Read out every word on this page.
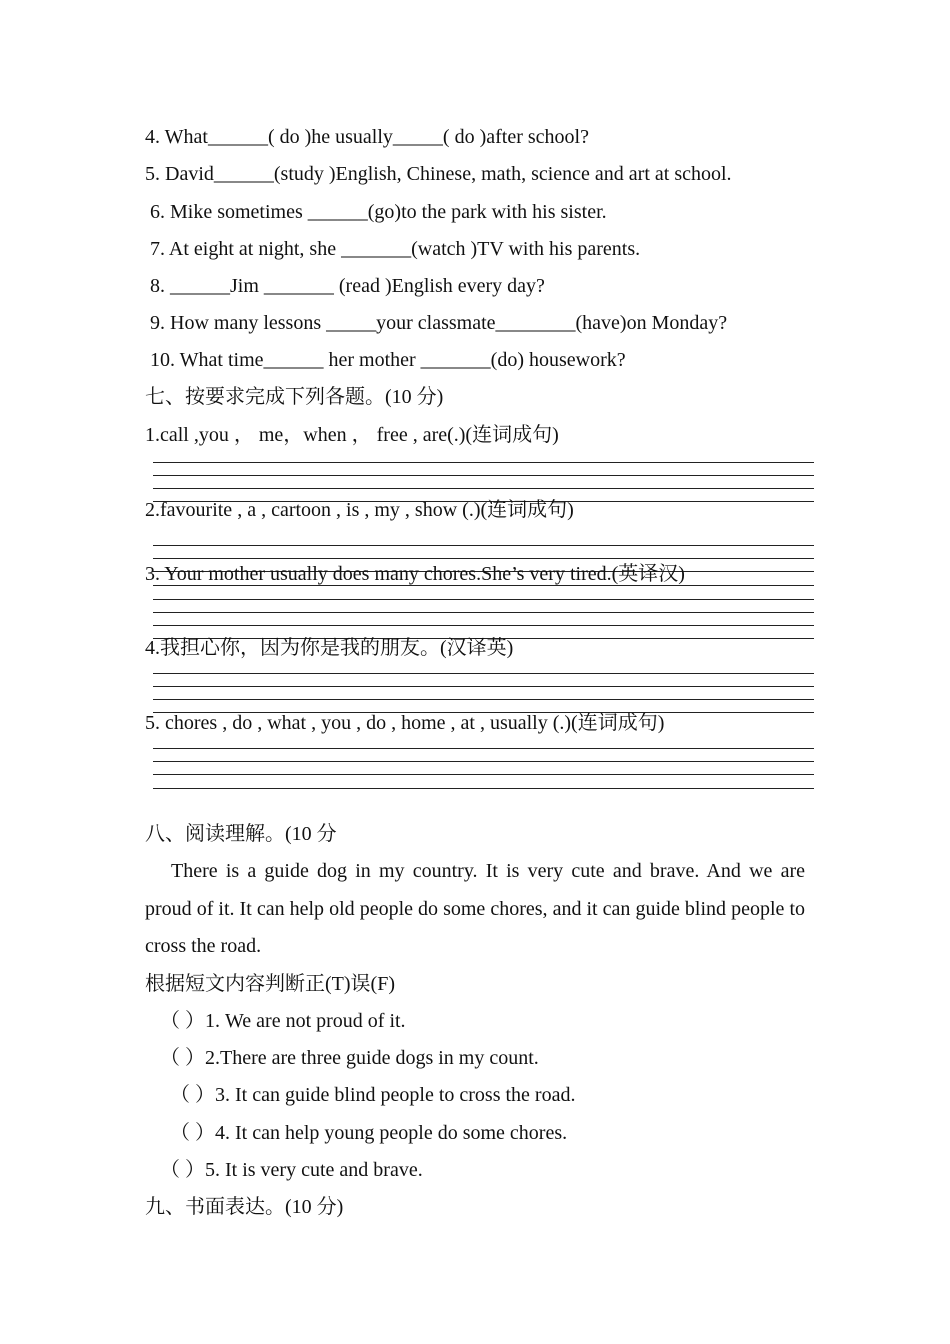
4. What______( do )he usually_____( do )after school?
5. David______(study )English, Chinese, math, science and art at school.
6. Mike sometimes ______(go)to the park with his sister.
7. At eight at night, she _______(watch )TV with his parents.
8. ______Jim _______ (read )English every day?
9. How many lessons _____your classmate________(have)on Monday?
10. What time______ her mother _______(do) housework?
七、按要求完成下列各题。(10 分)
1.call ,you ， me，when ， free , are(.)(连词成句)
2.favourite , a , cartoon , is , my , show (.)(连词成句)
3. Your mother usually does many chores.She’s very tired.(英译汉)
4.我担心你，因为你是我的朋友。(汉译英)
5. chores , do , what , you , do , home , at , usually (.)(连词成句)
八、阅读理解。(10 分
There is a guide dog in my country. It is very cute and brave. And we are proud of it. It can help old people do some chores, and it can guide blind people to cross the road.
根据短文内容判断正(T)误(F)
（ ）1. We are not proud of it.
（ ）2.There are three guide dogs in my count.
（ ）3. It can guide blind people to cross the road.
（ ）4. It can help young people do some chores.
（ ）5. It is very cute and brave.
九、书面表达。(10 分)
